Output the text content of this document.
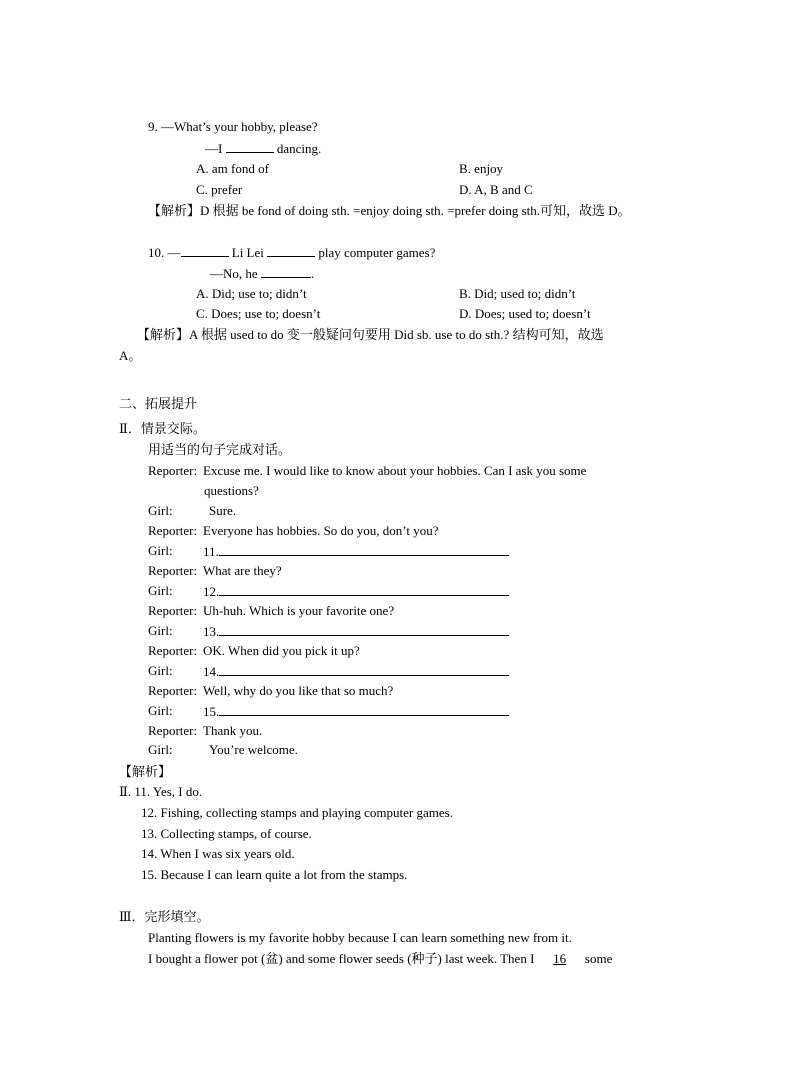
9. —What’s your hobby, please?
—I	dancing.
A. am fond of	B. enjoy
C. prefer	D. A, B and C
【解析】D 根据 be fond of doing sth. =enjoy doing sth. =prefer doing sth.可知，故选 D。
10. —	Li Lei	play computer games?
—No, he	.
A. Did; use to; didn’t	B. Did; used to; didn’t
C. Does; use to; doesn’t	D. Does; used to; doesn’t
【解析】A 根据 used to do 变一般疑问句要用 Did sb. use to do sth.? 结构可知，故选
A。
二、拓展提升
Ⅱ．情景交际。
用适当的句子完成对话。
Reporter: Excuse me. I would like to know about your hobbies. Can I ask you some
questions?
Girl:	Sure.
Reporter: Everyone has hobbies. So do you, don’t you?
Girl: 11.
Reporter: What are they?
Girl: 12.
Reporter: Uh-huh. Which is your favorite one?
Girl: 13.
Reporter: OK. When did you pick it up?
Girl: 14.
Reporter: Well, why do you like that so much?
Girl: 15.
Reporter: Thank you.
Girl:	You’re welcome.
【解析】
Ⅱ. 11. Yes, I do.
12. Fishing, collecting stamps and playing computer games.
13. Collecting stamps, of course.
14. When I was six years old.
15. Because I can learn quite a lot from the stamps.
Ⅲ．完形填空。
Planting flowers is my favorite hobby because I can learn something new from it.
I bought a flower pot (盆) and some flower seeds (种子) last week. Then I 16 some
